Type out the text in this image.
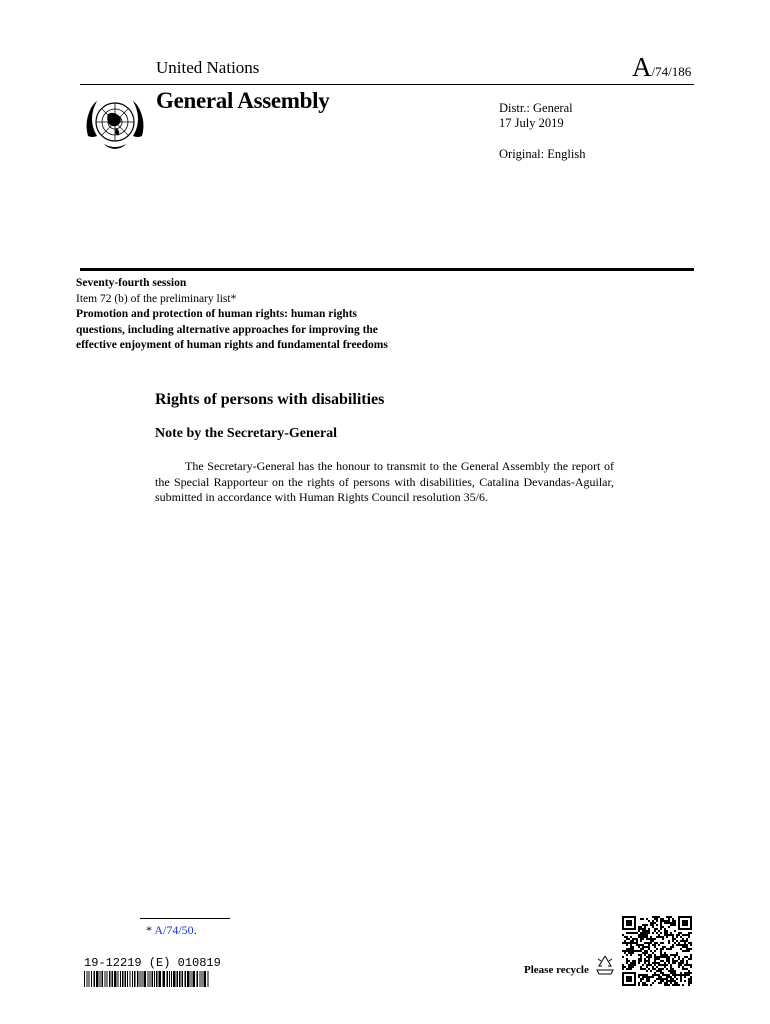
United Nations	A/74/186
General Assembly	Distr.: General
17 July 2019
Original: English
Seventy-fourth session
Item 72 (b) of the preliminary list*
Promotion and protection of human rights: human rights questions, including alternative approaches for improving the effective enjoyment of human rights and fundamental freedoms
Rights of persons with disabilities
Note by the Secretary-General
The Secretary-General has the honour to transmit to the General Assembly the report of the Special Rapporteur on the rights of persons with disabilities, Catalina Devandas-Aguilar, submitted in accordance with Human Rights Council resolution 35/6.
* A/74/50.
19-12219 (E) 010819	Please recycle
